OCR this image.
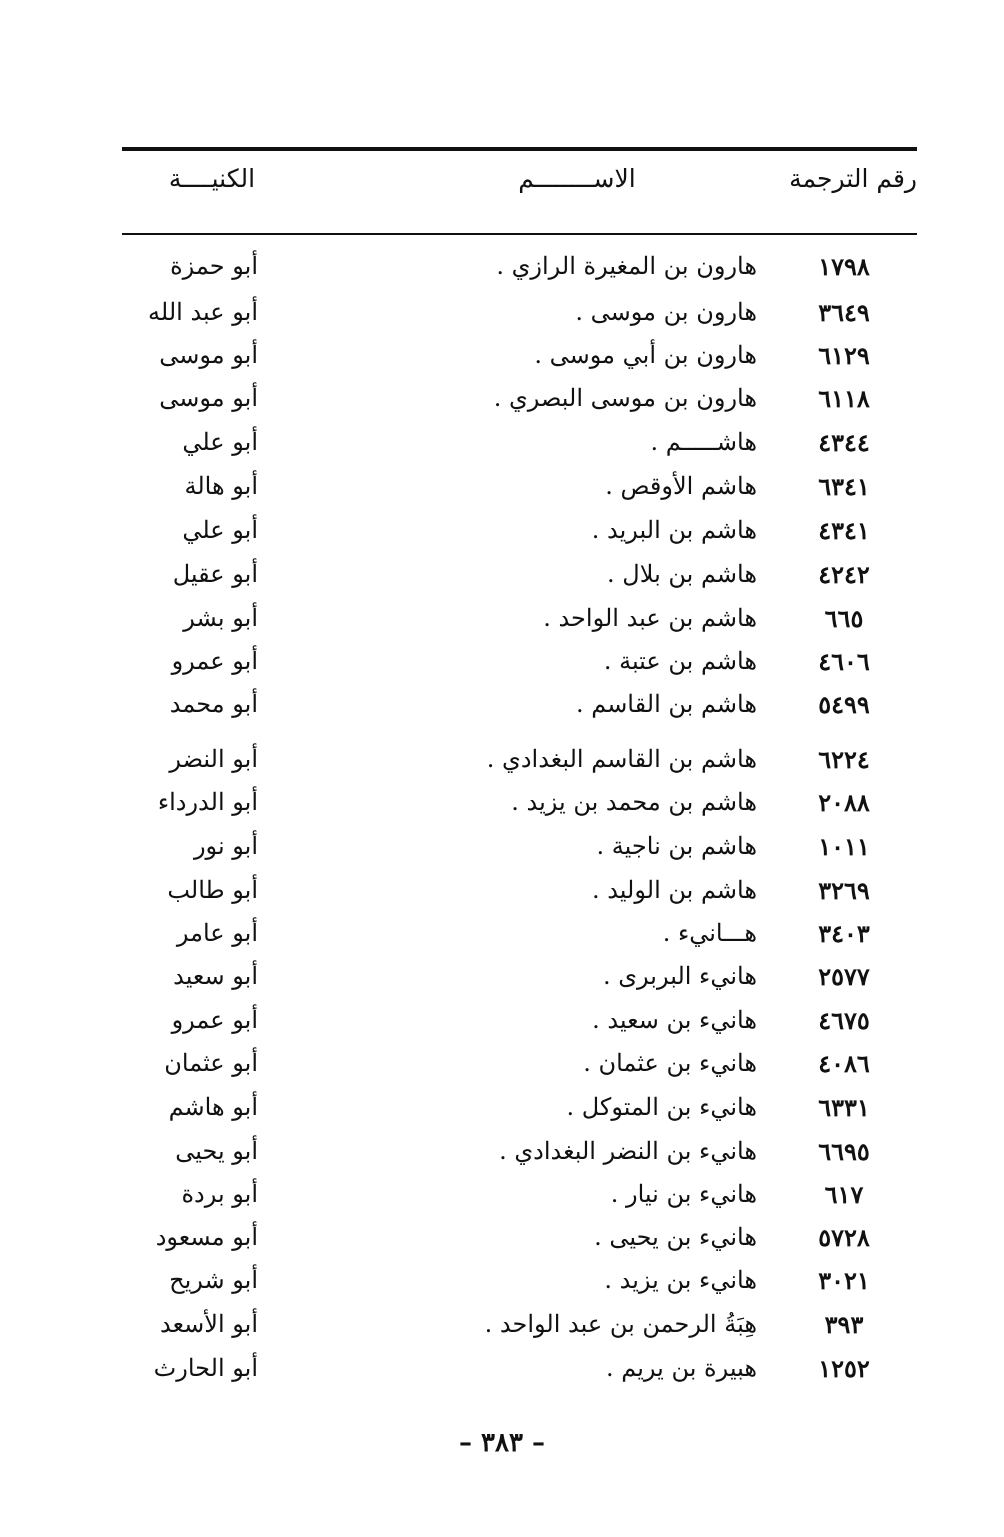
رقم الترجمة
الاســــــــم
الكنيــــة
١٧٩٨
هارون بن المغيرة الرازي .
أبو حمزة
٣٦٤٩
هارون بن موسى .
أبو عبد الله
٦١٢٩
هارون بن أبي موسى .
أبو موسى
٦١١٨
هارون بن موسى البصري .
أبو موسى
٤٣٤٤
هاشـــــم .
أبو علي
٦٣٤١
هاشم الأوقص .
أبو هالة
٤٣٤١
هاشم بن البريد .
أبو علي
٤٢٤٢
هاشم بن بلال .
أبو عقيل
٦٦٥
هاشم بن عبد الواحد .
أبو بشر
٤٦٠٦
هاشم بن عتبة .
أبو عمرو
٥٤٩٩
هاشم بن القاسم .
أبو محمد
٦٢٢٤
هاشم بن القاسم البغدادي .
أبو النضر
٢٠٨٨
هاشم بن محمد بن يزيد .
أبو الدرداء
١٠١١
هاشم بن ناجية .
أبو نور
٣٢٦٩
هاشم بن الوليد .
أبو طالب
٣٤٠٣
هـــانيء .
أبو عامر
٢٥٧٧
هانيء البربرى .
أبو سعيد
٤٦٧٥
هانيء بن سعيد .
أبو عمرو
٤٠٨٦
هانيء بن عثمان .
أبو عثمان
٦٣٣١
هانيء بن المتوكل .
أبو هاشم
٦٦٩٥
هانيء بن النضر البغدادي .
أبو يحيى
٦١٧
هانيء بن نيار .
أبو بردة
٥٧٢٨
هانيء بن يحيى .
أبو مسعود
٣٠٢١
هانيء بن يزيد .
أبو شريح
٣٩٣
هِبَةُ الرحمن بن عبد الواحد .
أبو الأسعد
١٢٥٢
هبيرة بن يريم .
أبو الحارث
– ٣٨٣ –
